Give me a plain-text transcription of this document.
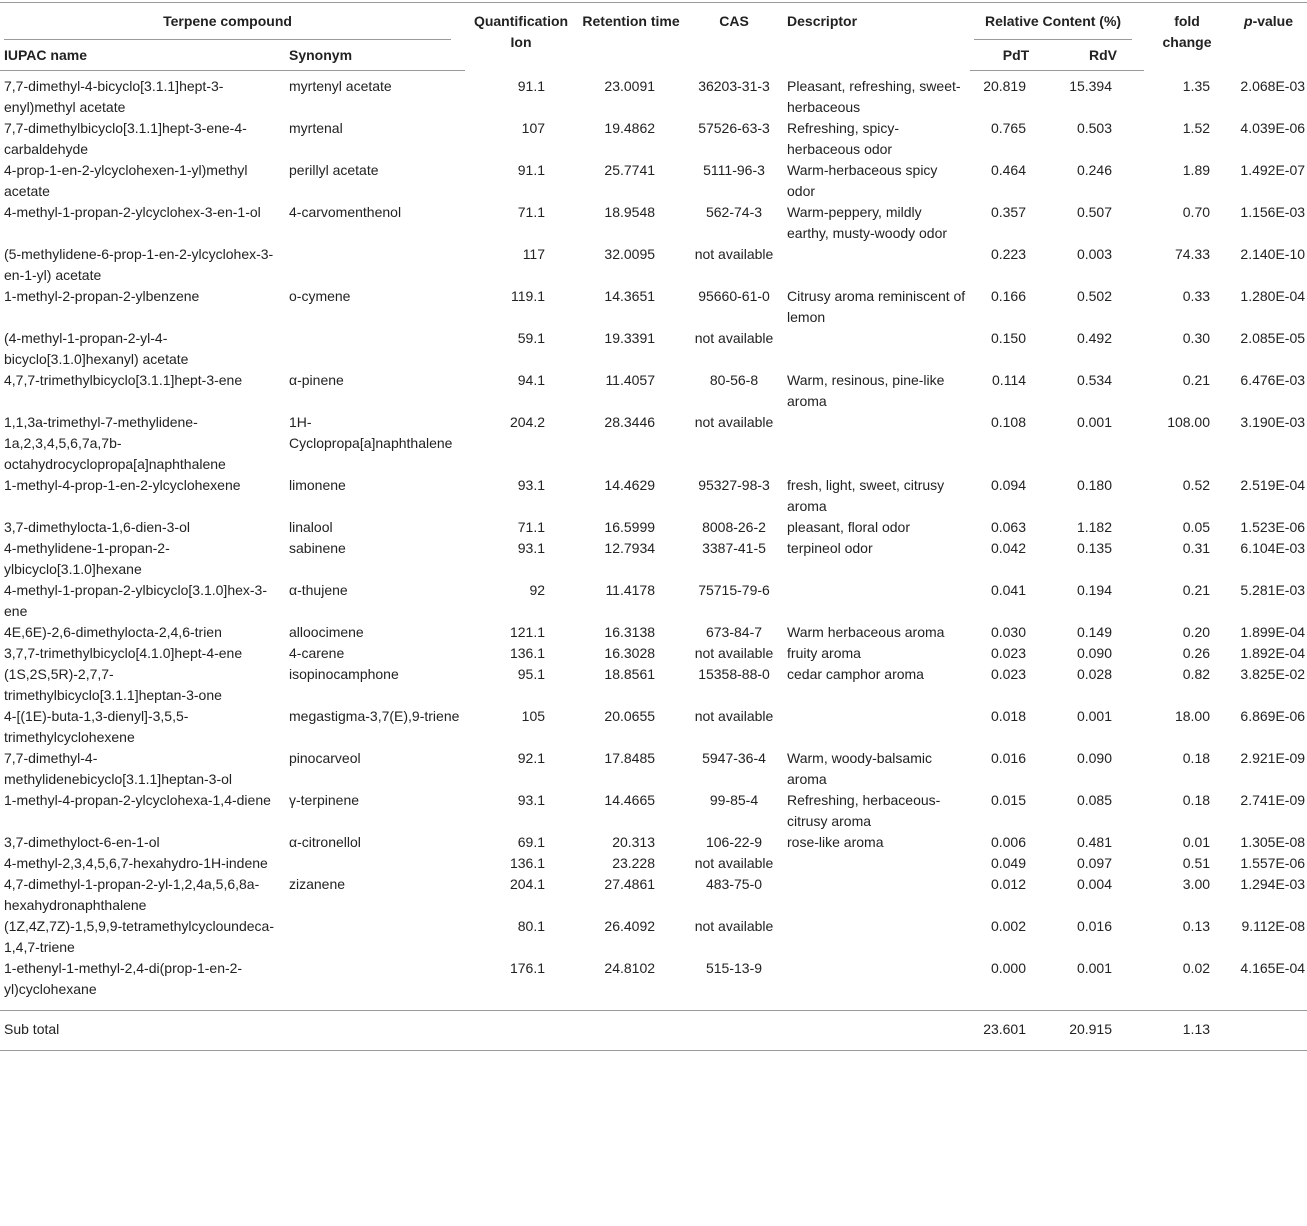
Terpene compound		Quantification Ion	Retention time	CAS	Descriptor	Relative Content (%)		fold change	p-value
IUPAC name	Synonym					PdT	RdV		
7,7-dimethyl-4-bicyclo[3.1.1]hept-3-enyl)methyl acetate	myrtenyl acetate	91.1	23.0091	36203-31-3	Pleasant, refreshing, sweet-herbaceous	20.819	15.394	1.35	2.068E-03
7,7-dimethylbicyclo[3.1.1]hept-3-ene-4-carbaldehyde	myrtenal	107	19.4862	57526-63-3	Refreshing, spicy-herbaceous odor	0.765	0.503	1.52	4.039E-06
4-prop-1-en-2-ylcyclohexen-1-yl)methyl acetate	perillyl acetate	91.1	25.7741	5111-96-3	Warm-herbaceous spicy odor	0.464	0.246	1.89	1.492E-07
4-methyl-1-propan-2-ylcyclohex-3-en-1-ol	4-carvomenthenol	71.1	18.9548	562-74-3	Warm-peppery, mildly earthy, musty-woody odor	0.357	0.507	0.70	1.156E-03
(5-methylidene-6-prop-1-en-2-ylcyclohex-3-en-1-yl) acetate		117	32.0095	not available		0.223	0.003	74.33	2.140E-10
1-methyl-2-propan-2-ylbenzene	o-cymene	119.1	14.3651	95660-61-0	Citrusy aroma reminiscent of lemon	0.166	0.502	0.33	1.280E-04
(4-methyl-1-propan-2-yl-4-bicyclo[3.1.0]hexanyl) acetate		59.1	19.3391	not available		0.150	0.492	0.30	2.085E-05
4,7,7-trimethylbicyclo[3.1.1]hept-3-ene	α-pinene	94.1	11.4057	80-56-8	Warm, resinous, pine-like aroma	0.114	0.534	0.21	6.476E-03
1,1,3a-trimethyl-7-methylidene-1a,2,3,4,5,6,7a,7b-octahydrocyclopropa[a]naphthalene	1H-Cyclopropa[a]naphthalene	204.2	28.3446	not available		0.108	0.001	108.00	3.190E-03
1-methyl-4-prop-1-en-2-ylcyclohexene	limonene	93.1	14.4629	95327-98-3	fresh, light, sweet, citrusy aroma	0.094	0.180	0.52	2.519E-04
3,7-dimethylocta-1,6-dien-3-ol	linalool	71.1	16.5999	8008-26-2	pleasant, floral odor	0.063	1.182	0.05	1.523E-06
4-methylidene-1-propan-2-ylbicyclo[3.1.0]hexane	sabinene	93.1	12.7934	3387-41-5	terpineol odor	0.042	0.135	0.31	6.104E-03
4-methyl-1-propan-2-ylbicyclo[3.1.0]hex-3-ene	α-thujene	92	11.4178	75715-79-6		0.041	0.194	0.21	5.281E-03
4E,6E)-2,6-dimethylocta-2,4,6-trien	alloocimene	121.1	16.3138	673-84-7	Warm herbaceous aroma	0.030	0.149	0.20	1.899E-04
3,7,7-trimethylbicyclo[4.1.0]hept-4-ene	4-carene	136.1	16.3028	not available	fruity aroma	0.023	0.090	0.26	1.892E-04
(1S,2S,5R)-2,7,7-trimethylbicyclo[3.1.1]heptan-3-one	isopinocamphone	95.1	18.8561	15358-88-0	cedar camphor aroma	0.023	0.028	0.82	3.825E-02
4-[(1E)-buta-1,3-dienyl]-3,5,5-trimethylcyclohexene	megastigma-3,7(E),9-triene	105	20.0655	not available		0.018	0.001	18.00	6.869E-06
7,7-dimethyl-4-methylidenebicyclo[3.1.1]heptan-3-ol	pinocarveol	92.1	17.8485	5947-36-4	Warm, woody-balsamic aroma	0.016	0.090	0.18	2.921E-09
1-methyl-4-propan-2-ylcyclohexa-1,4-diene	γ-terpinene	93.1	14.4665	99-85-4	Refreshing, herbaceous-citrusy aroma	0.015	0.085	0.18	2.741E-09
3,7-dimethyloct-6-en-1-ol	α-citronellol	69.1	20.313	106-22-9	rose-like aroma	0.006	0.481	0.01	1.305E-08
4-methyl-2,3,4,5,6,7-hexahydro-1H-indene		136.1	23.228	not available		0.049	0.097	0.51	1.557E-06
4,7-dimethyl-1-propan-2-yl-1,2,4a,5,6,8a-hexahydronaphthalene	zizanene	204.1	27.4861	483-75-0		0.012	0.004	3.00	1.294E-03
(1Z,4Z,7Z)-1,5,9,9-tetramethylcycloundeca-1,4,7-triene		80.1	26.4092	not available		0.002	0.016	0.13	9.112E-08
1-ethenyl-1-methyl-2,4-di(prop-1-en-2-yl)cyclohexane		176.1	24.8102	515-13-9		0.000	0.001	0.02	4.165E-04

Sub total						23.601	20.915	1.13	
